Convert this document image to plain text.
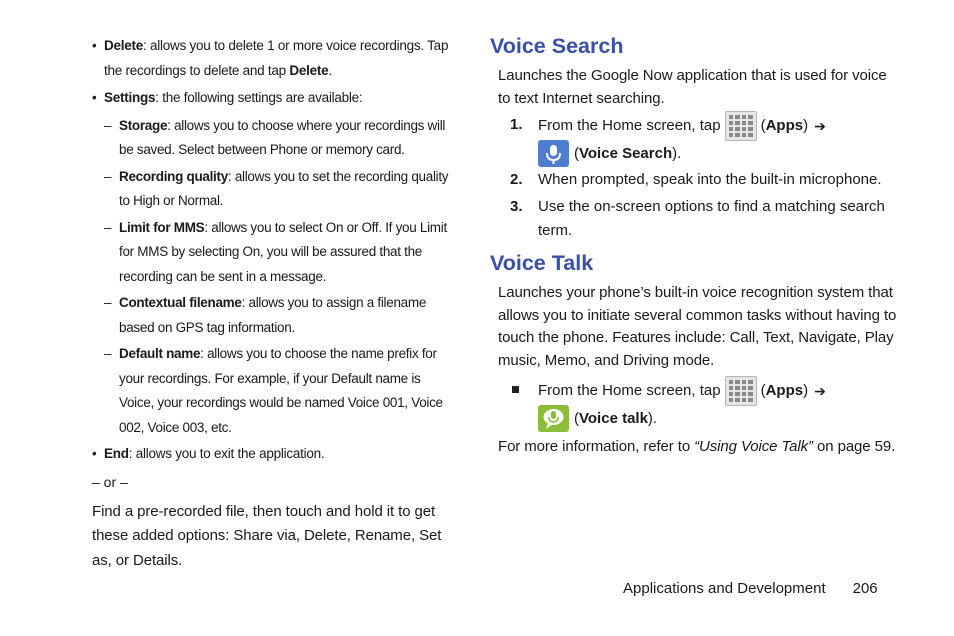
• Delete: allows you to delete 1 or more voice recordings. Tap the recordings to delete and tap Delete.
• Settings: the following settings are available:
– Storage: allows you to choose where your recordings will be saved. Select between Phone or memory card.
– Recording quality: allows you to set the recording quality to High or Normal.
– Limit for MMS: allows you to select On or Off. If you Limit for MMS by selecting On, you will be assured that the recording can be sent in a message.
– Contextual filename: allows you to assign a filename based on GPS tag information.
– Default name: allows you to choose the name prefix for your recordings. For example, if your Default name is Voice, your recordings would be named Voice 001, Voice 002, Voice 003, etc.
• End: allows you to exit the application.
– or –
Find a pre-recorded file, then touch and hold it to get these added options: Share via, Delete, Rename, Set as, or Details.
Voice Search
Launches the Google Now application that is used for voice to text Internet searching.
1. From the Home screen, tap	( Apps ) ➔
( Voice Search ).
2. When prompted, speak into the built-in microphone.
3. Use the on-screen options to find a matching search term.
Voice Talk
Launches your phone’s built-in voice recognition system that allows you to initiate several common tasks without having to touch the phone. Features include: Call, Text, Navigate, Play music, Memo, and Driving mode.
From the Home screen, tap	( Apps ) ➔
( Voice talk ).
For more information, refer to “Using Voice Talk” on page 59.
Applications and Development 206
